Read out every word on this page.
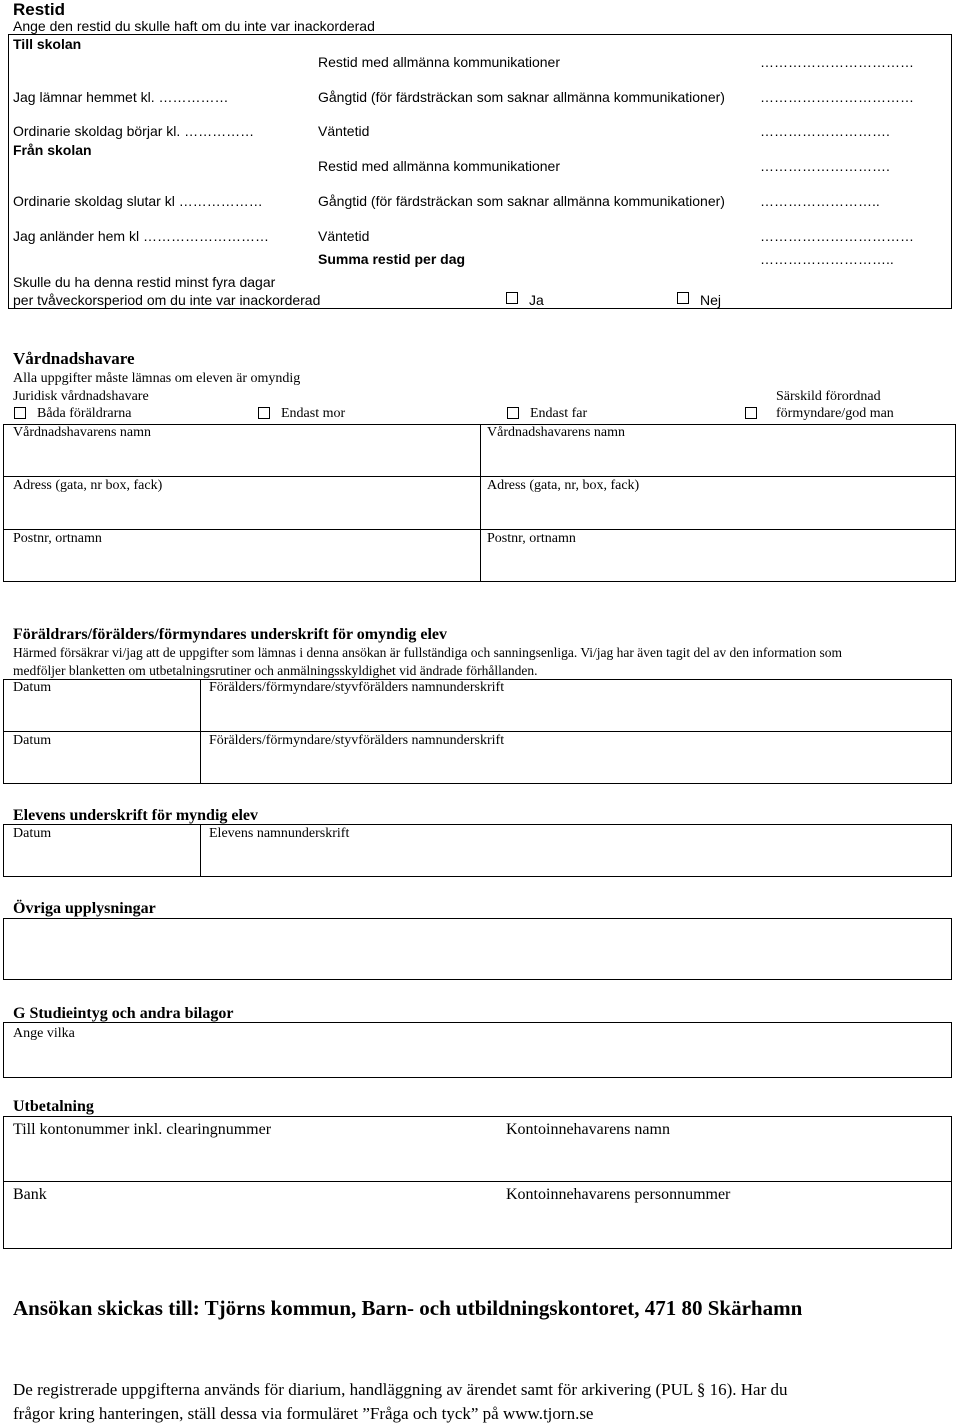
Restid
Ange den restid du skulle haft om du inte var inackorderad
Till skolan
Restid med allmänna kommunikationer	……………………………
Jag lämnar hemmet kl. ……………	Gångtid (för färdsträckan som saknar allmänna kommunikationer)	……………………………
Ordinarie skoldag börjar kl. ……………	Väntetid	……………………….
Från skolan
Restid med allmänna kommunikationer	……………………….
Ordinarie skoldag slutar kl ………………	Gångtid (för färdsträckan som saknar allmänna kommunikationer)	……………………..
Jag anländer hem kl ………………………	Väntetid	……………………………
Summa restid per dag	………………………..
Skulle du ha denna restid minst fyra dagar
per tvåveckorsperiod om du inte var inackorderad	Ja	Nej
Vårdnadshavare
Alla uppgifter måste lämnas om eleven är omyndig
Juridisk vårdnadshavare	Särskild förordnad
Båda föräldrarna	Endast mor	Endast far	förmyndare/god man
Vårdnadshavarens namn	Vårdnadshavarens namn
Adress (gata, nr box, fack)	Adress (gata, nr, box, fack)
Postnr, ortnamn	Postnr, ortnamn
Föräldrars/förälders/förmyndares underskrift för omyndig elev
Härmed försäkrar vi/jag att de uppgifter som lämnas i denna ansökan är fullständiga och sanningsenliga. Vi/jag har även tagit del av den information som
medföljer blanketten om utbetalningsrutiner och anmälningsskyldighet vid ändrade förhållanden.
Datum	Förälders/förmyndare/styvförälders namnunderskrift
Datum	Förälders/förmyndare/styvförälders namnunderskrift
Elevens underskrift för myndig elev
Datum	Elevens namnunderskrift
Övriga upplysningar
G Studieintyg och andra bilagor
Ange vilka
Utbetalning
Till kontonummer inkl. clearingnummer	Kontoinnehavarens namn
Bank	Kontoinnehavarens personnummer
Ansökan skickas till: Tjörns kommun, Barn- och utbildningskontoret, 471 80 Skärhamn
De registrerade uppgifterna används för diarium, handläggning av ärendet samt för arkivering (PUL § 16). Har du
frågor kring hanteringen, ställ dessa via formuläret ”Fråga och tyck” på www.tjorn.se
